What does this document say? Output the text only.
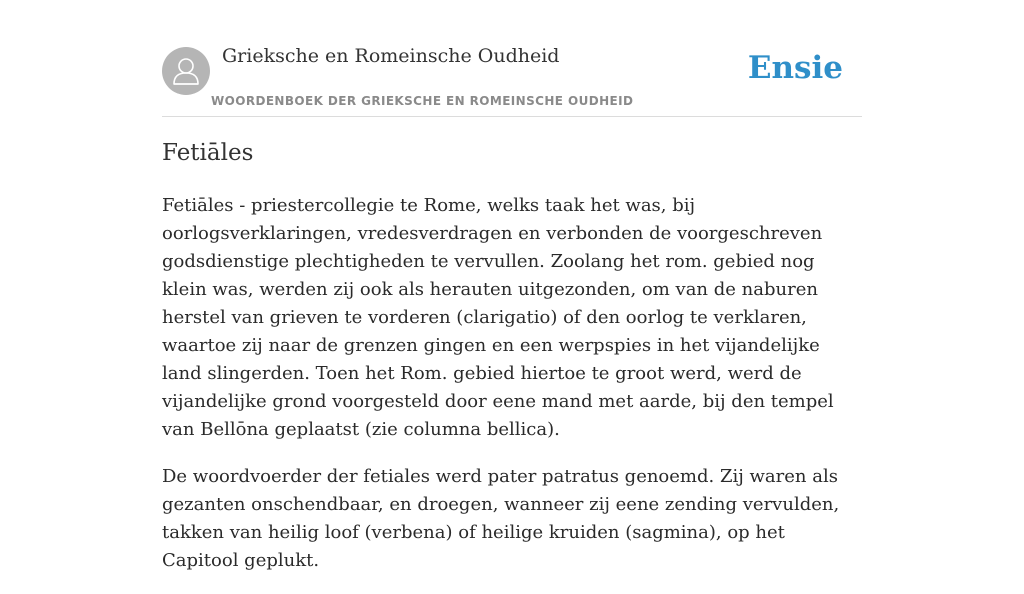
Grieksche en Romeinsche Oudheid
WOORDENBOEK DER GRIEKSCHE EN ROMEINSCHE OUDHEID
Ensie
Fetiāles

Fetiāles - priestercollegie te Rome, welks taak het was, bij oorlogsverklaringen, vredesverdragen en verbonden de voorgeschreven godsdienstige plechtigheden te vervullen. Zoolang het rom. gebied nog klein was, werden zij ook als herauten uitgezonden, om van de naburen herstel van grieven te vorderen (clarigatio) of den oorlog te verklaren, waartoe zij naar de grenzen gingen en een werpspies in het vijandelijke land slingerden. Toen het Rom. gebied hiertoe te groot werd, werd de vijandelijke grond voorgesteld door eene mand met aarde, bij den tempel van Bellōna geplaatst (zie columna bellica).

De woordvoerder der fetiales werd pater patratus genoemd. Zij waren als gezanten onschendbaar, en droegen, wanneer zij eene zending vervulden, takken van heilig loof (verbena) of heilige kruiden (sagmina), op het Capitool geplukt.
